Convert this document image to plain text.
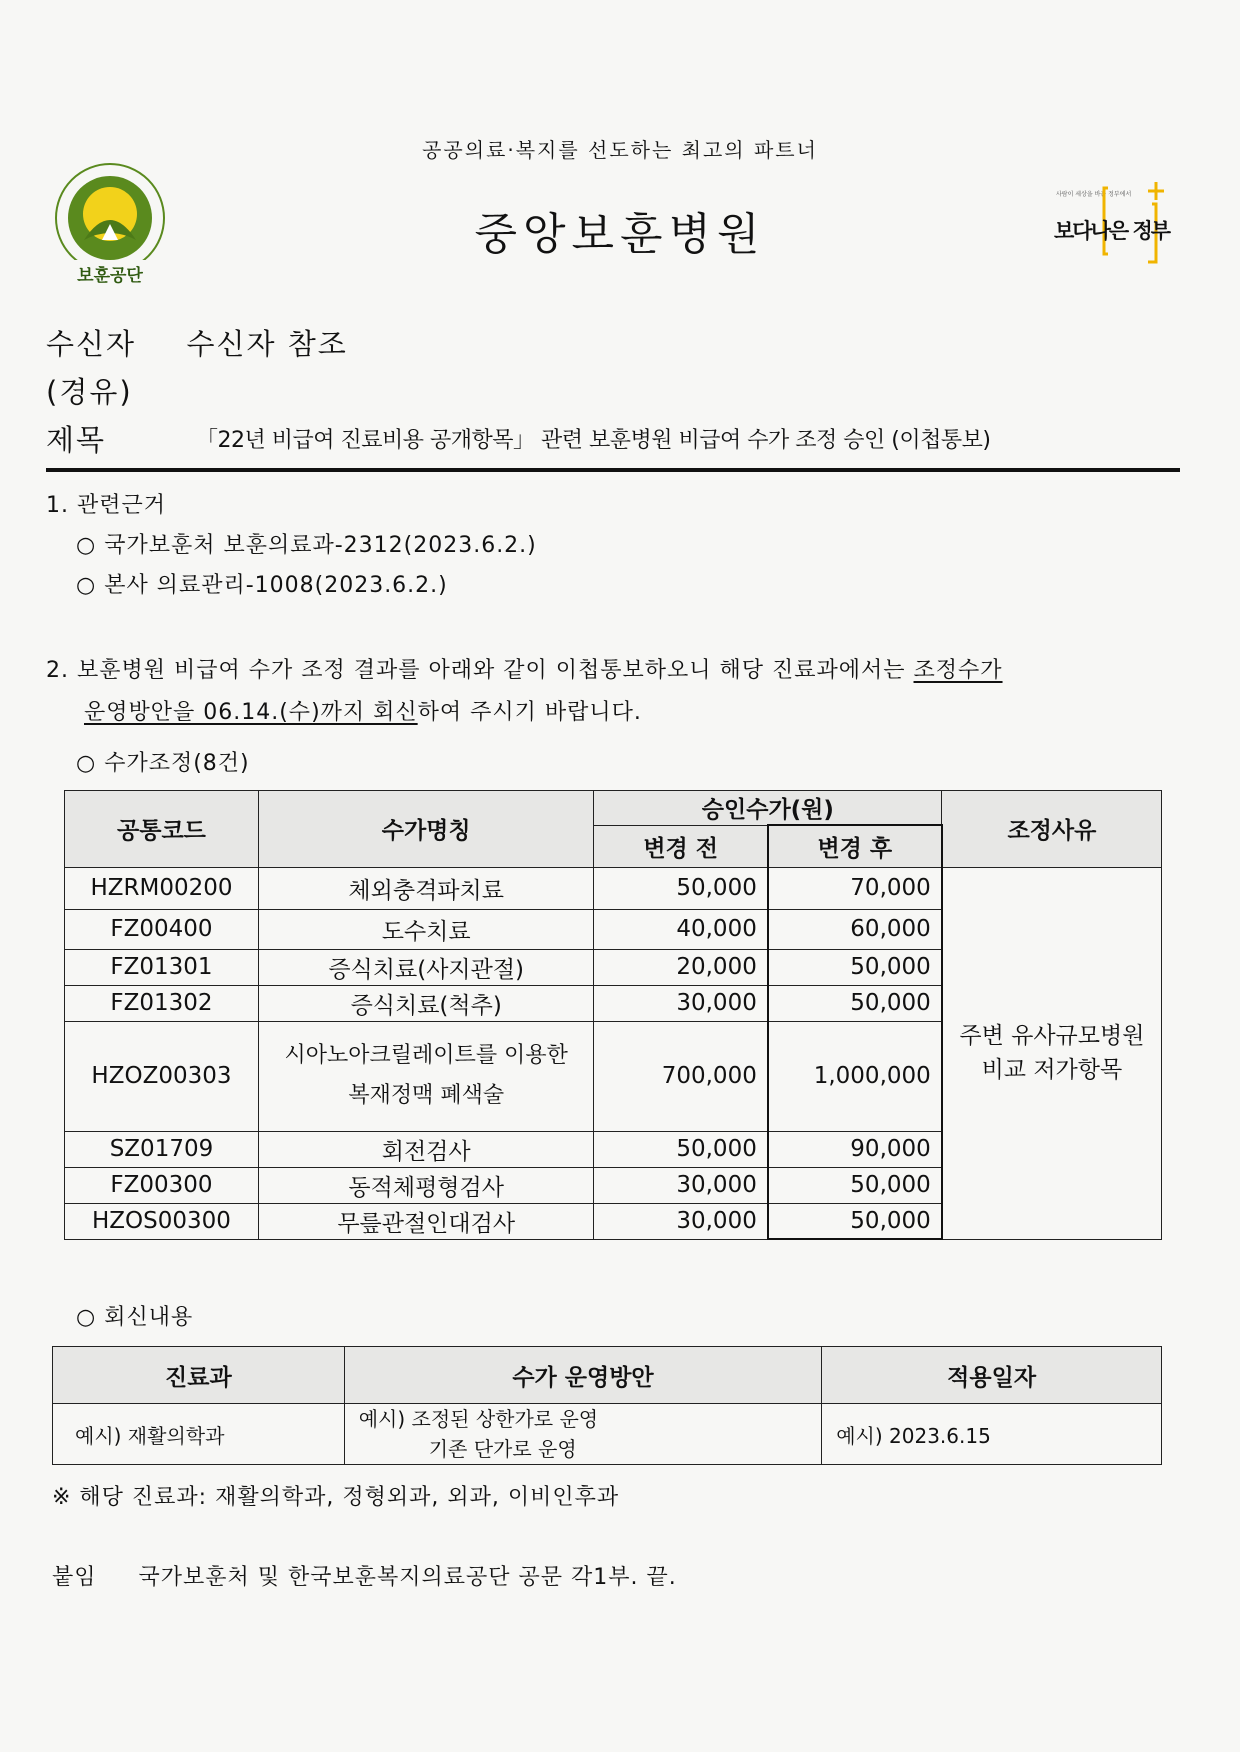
공공의료·복지를 선도하는 최고의 파트너
보훈공단
중앙보훈병원
사람이 세상을 바꾼 정부에서
보다나은 정부
수신자 수신자 참조
(경유)
제목	「22년 비급여 진료비용 공개항목」 관련 보훈병원 비급여 수가 조정 승인 (이첩통보)
1. 관련근거
○ 국가보훈처 보훈의료과-2312(2023.6.2.)
○ 본사 의료관리-1008(2023.6.2.)
2. 보훈병원 비급여 수가 조정 결과를 아래와 같이 이첩통보하오니 해당 진료과에서는 조정수가
운영방안을 06.14.(수)까지 회신하여 주시기 바랍니다.
○ 수가조정(8건)
공통코드	수가명칭	승인수가(원)		조정사유
		변경 전	변경 후	
HZRM00200	체외충격파치료	50,000	70,000	주변 유사규모병원
비교 저가항목
FZ00400	도수치료	40,000	60,000	
FZ01301	증식치료(사지관절)	20,000	50,000	
FZ01302	증식치료(척추)	30,000	50,000	
HZOZ00303	시아노아크릴레이트를 이용한
복재정맥 폐색술	700,000	1,000,000	
SZ01709	회전검사	50,000	90,000	
FZ00300	동적체평형검사	30,000	50,000	
HZOS00300	무릎관절인대검사	30,000	50,000	
○ 회신내용
진료과	수가 운영방안	적용일자
예시) 재활의학과	예시) 조정된 상한가로 운영
기존 단가로 운영	예시) 2023.6.15
※ 해당 진료과: 재활의학과, 정형외과, 외과, 이비인후과
붙임 국가보훈처 및 한국보훈복지의료공단 공문 각1부. 끝.
